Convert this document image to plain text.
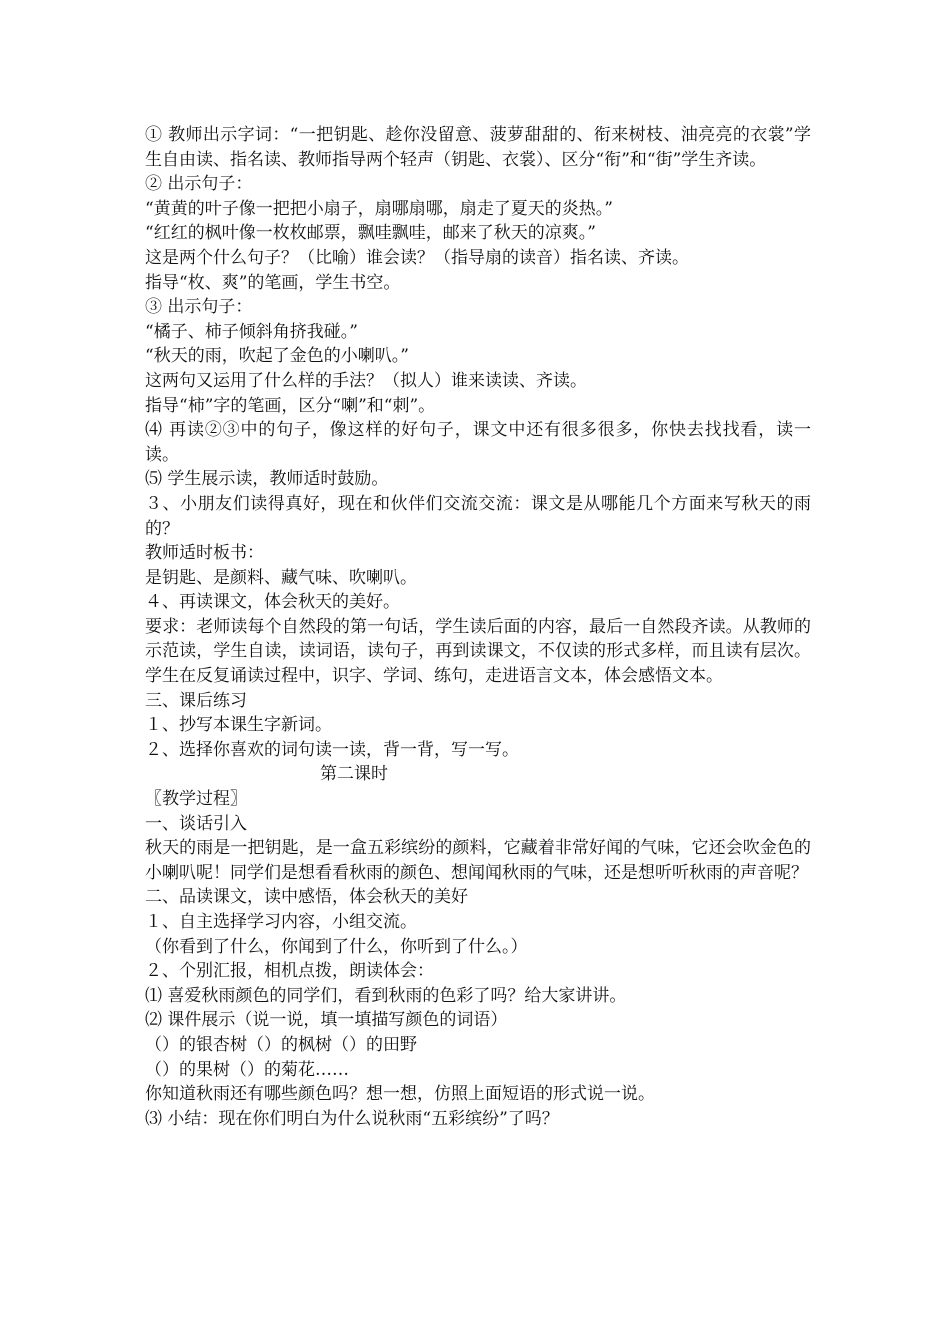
① 教师出示字词：“一把钥匙、趁你没留意、菠萝甜甜的、衔来树枝、油亮亮的衣裳”学生自由读、指名读、教师指导两个轻声（钥匙、衣裳）、区分“衔”和“街”学生齐读。
② 出示句子：
“黄黄的叶子像一把把小扇子，扇哪扇哪，扇走了夏天的炎热。”
“红红的枫叶像一枚枚邮票，飘哇飘哇，邮来了秋天的凉爽。”
这是两个什么句子？（比喻）谁会读？（指导扇的读音）指名读、齐读。
指导“枚、爽”的笔画，学生书空。
③ 出示句子：
“橘子、柿子倾斜角挤我碰。”
“秋天的雨，吹起了金色的小喇叭。”
这两句又运用了什么样的手法？（拟人）谁来读读、齐读。
指导“柿”字的笔画，区分“喇”和“刺”。
⑷ 再读②③中的句子，像这样的好句子，课文中还有很多很多，你快去找找看，读一读。
⑸ 学生展示读，教师适时鼓励。
３、小朋友们读得真好，现在和伙伴们交流交流：课文是从哪能几个方面来写秋天的雨的？
教师适时板书：
是钥匙、是颜料、藏气味、吹喇叭。
４、再读课文，体会秋天的美好。
要求：老师读每个自然段的第一句话，学生读后面的内容，最后一自然段齐读。从教师的示范读，学生自读，读词语，读句子，再到读课文，不仅读的形式多样，而且读有层次。学生在反复诵读过程中，识字、学词、练句，走进语言文本，体会感悟文本。
三、课后练习
１、抄写本课生字新词。
２、选择你喜欢的词句读一读，背一背，写一写。
第二课时
〖教学过程〗
一、谈话引入
秋天的雨是一把钥匙，是一盒五彩缤纷的颜料，它藏着非常好闻的气味，它还会吹金色的小喇叭呢！同学们是想看看秋雨的颜色、想闻闻秋雨的气味，还是想听听秋雨的声音呢？
二、品读课文，读中感悟，体会秋天的美好
１、自主选择学习内容，小组交流。
（你看到了什么，你闻到了什么，你听到了什么。）
２、个别汇报，相机点拨，朗读体会：
⑴ 喜爱秋雨颜色的同学们，看到秋雨的色彩了吗？给大家讲讲。
⑵ 课件展示（说一说，填一填描写颜色的词语）
（）的银杏树（）的枫树（）的田野
（）的果树（）的菊花……
你知道秋雨还有哪些颜色吗？想一想，仿照上面短语的形式说一说。
⑶ 小结：现在你们明白为什么说秋雨“五彩缤纷”了吗？
